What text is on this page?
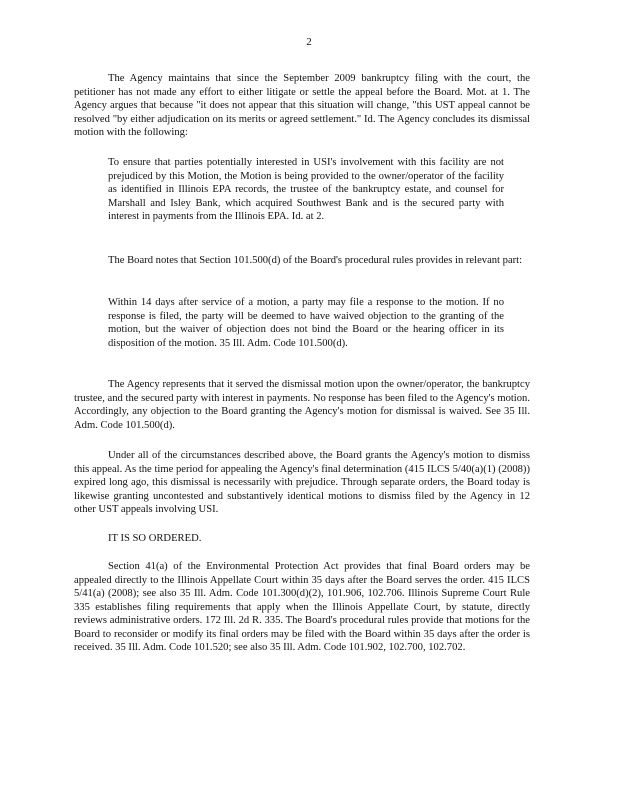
2

The Agency maintains that since the September 2009 bankruptcy filing with the court, the petitioner has not made any effort to either litigate or settle the appeal before the Board. Mot. at 1. The Agency argues that because "it does not appear that this situation will change, "this UST appeal cannot be resolved "by either adjudication on its merits or agreed settlement." Id. The Agency concludes its dismissal motion with the following:

To ensure that parties potentially interested in USI's involvement with this facility are not prejudiced by this Motion, the Motion is being provided to the owner/operator of the facility as identified in Illinois EPA records, the trustee of the bankruptcy estate, and counsel for Marshall and Isley Bank, which acquired Southwest Bank and is the secured party with interest in payments from the Illinois EPA. Id. at 2.

The Board notes that Section 101.500(d) of the Board's procedural rules provides in relevant part:

Within 14 days after service of a motion, a party may file a response to the motion. If no response is filed, the party will be deemed to have waived objection to the granting of the motion, but the waiver of objection does not bind the Board or the hearing officer in its disposition of the motion. 35 Ill. Adm. Code 101.500(d).

The Agency represents that it served the dismissal motion upon the owner/operator, the bankruptcy trustee, and the secured party with interest in payments. No response has been filed to the Agency's motion. Accordingly, any objection to the Board granting the Agency's motion for dismissal is waived. See 35 Ill. Adm. Code 101.500(d).

Under all of the circumstances described above, the Board grants the Agency's motion to dismiss this appeal. As the time period for appealing the Agency's final determination (415 ILCS 5/40(a)(1) (2008)) expired long ago, this dismissal is necessarily with prejudice. Through separate orders, the Board today is likewise granting uncontested and substantively identical motions to dismiss filed by the Agency in 12 other UST appeals involving USI.

IT IS SO ORDERED.

Section 41(a) of the Environmental Protection Act provides that final Board orders may be appealed directly to the Illinois Appellate Court within 35 days after the Board serves the order. 415 ILCS 5/41(a) (2008); see also 35 Ill. Adm. Code 101.300(d)(2), 101.906, 102.706. Illinois Supreme Court Rule 335 establishes filing requirements that apply when the Illinois Appellate Court, by statute, directly reviews administrative orders. 172 Ill. 2d R. 335. The Board's procedural rules provide that motions for the Board to reconsider or modify its final orders may be filed with the Board within 35 days after the order is received. 35 Ill. Adm. Code 101.520; see also 35 Ill. Adm. Code 101.902, 102.700, 102.702.
